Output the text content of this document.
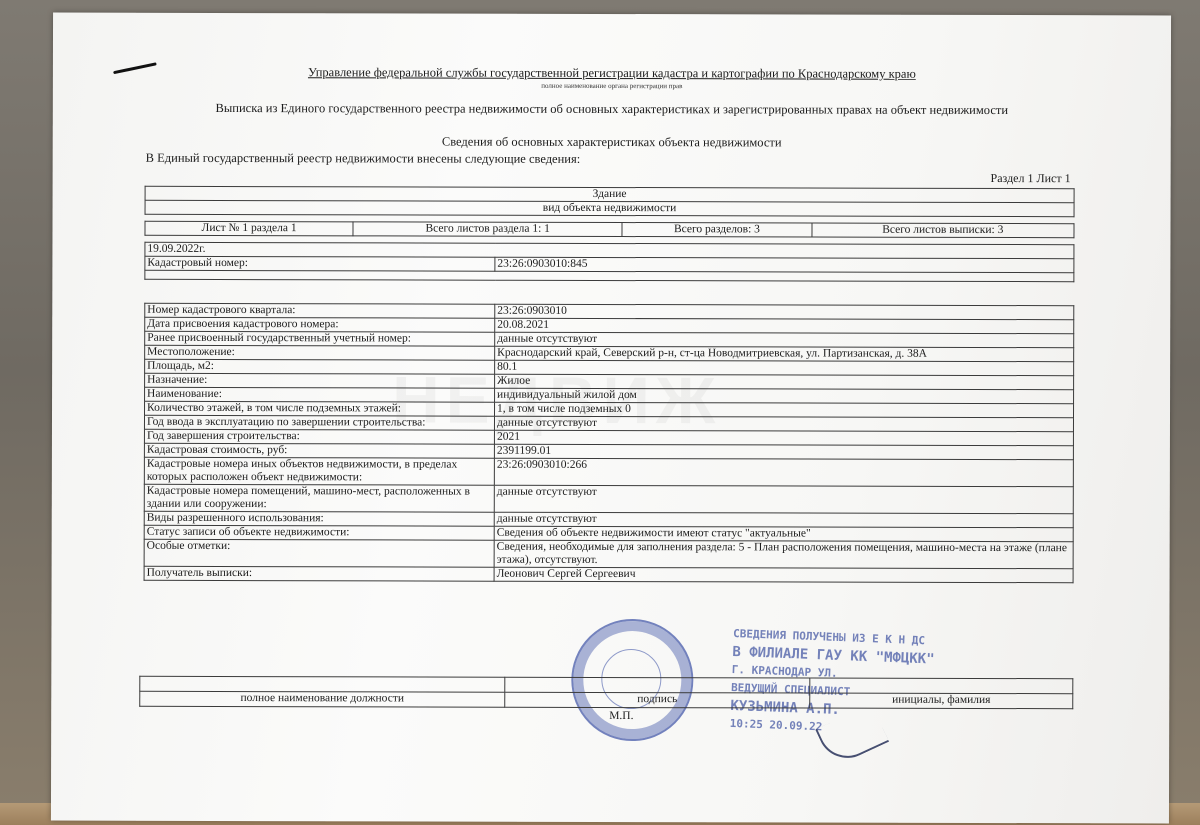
Управление федеральной службы государственной регистрации кадастра и картографии по Краснодарскому краю
полное наименование органа регистрации прав
Выписка из Единого государственного реестра недвижимости об основных характеристиках и зарегистрированных правах на объект недвижимости
Сведения об основных характеристиках объекта недвижимости
В Единый государственный реестр недвижимости внесены следующие сведения:
Раздел 1 Лист 1
Здание
вид объекта недвижимости
Лист № 1 раздела 1	Всего листов раздела 1: 1	Всего разделов: 3	Всего листов выписки: 3
19.09.2022г.
Кадастровый номер:	23:26:0903010:845

Номер кадастрового квартала:	23:26:0903010
Дата присвоения кадастрового номера:	20.08.2021
Ранее присвоенный государственный учетный номер:	данные отсутствуют
Местоположение:	Краснодарский край, Северский р-н, ст-ца Новодмитриевская, ул. Партизанская, д. 38А
Площадь, м2:	80.1
Назначение:	Жилое
Наименование:	индивидуальный жилой дом
Количество этажей, в том числе подземных этажей:	1, в том числе подземных 0
Год ввода в эксплуатацию по завершении строительства:	данные отсутствуют
Год завершения строительства:	2021
Кадастровая стоимость, руб:	2391199.01
Кадастровые номера иных объектов недвижимости, в пределах которых расположен объект недвижимости:	23:26:0903010:266
Кадастровые номера помещений, машино-мест, расположенных в здании или сооружении:	данные отсутствуют
Виды разрешенного использования:	данные отсутствуют
Статус записи об объекте недвижимости:	Сведения об объекте недвижимости имеют статус "актуальные"
Особые отметки:	Сведения, необходимые для заполнения раздела: 5 - План расположения помещения, машино-места на этаже (плане этажа), отсутствуют.
Получатель выписки:	Леонович Сергей Сергеевич
СВЕДЕНИЯ ПОЛУЧЕНЫ ИЗ Е К Н ДС
В ФИЛИАЛЕ ГАУ КК "МФЦКК"
Г. КРАСНОДАР УЛ.
ВЕДУЩИЙ СПЕЦИАЛИСТ
КУЗЬМИНА А.П.
10:25 20.09.22

полное наименование должности	подпись	инициалы, фамилия
М.П.
